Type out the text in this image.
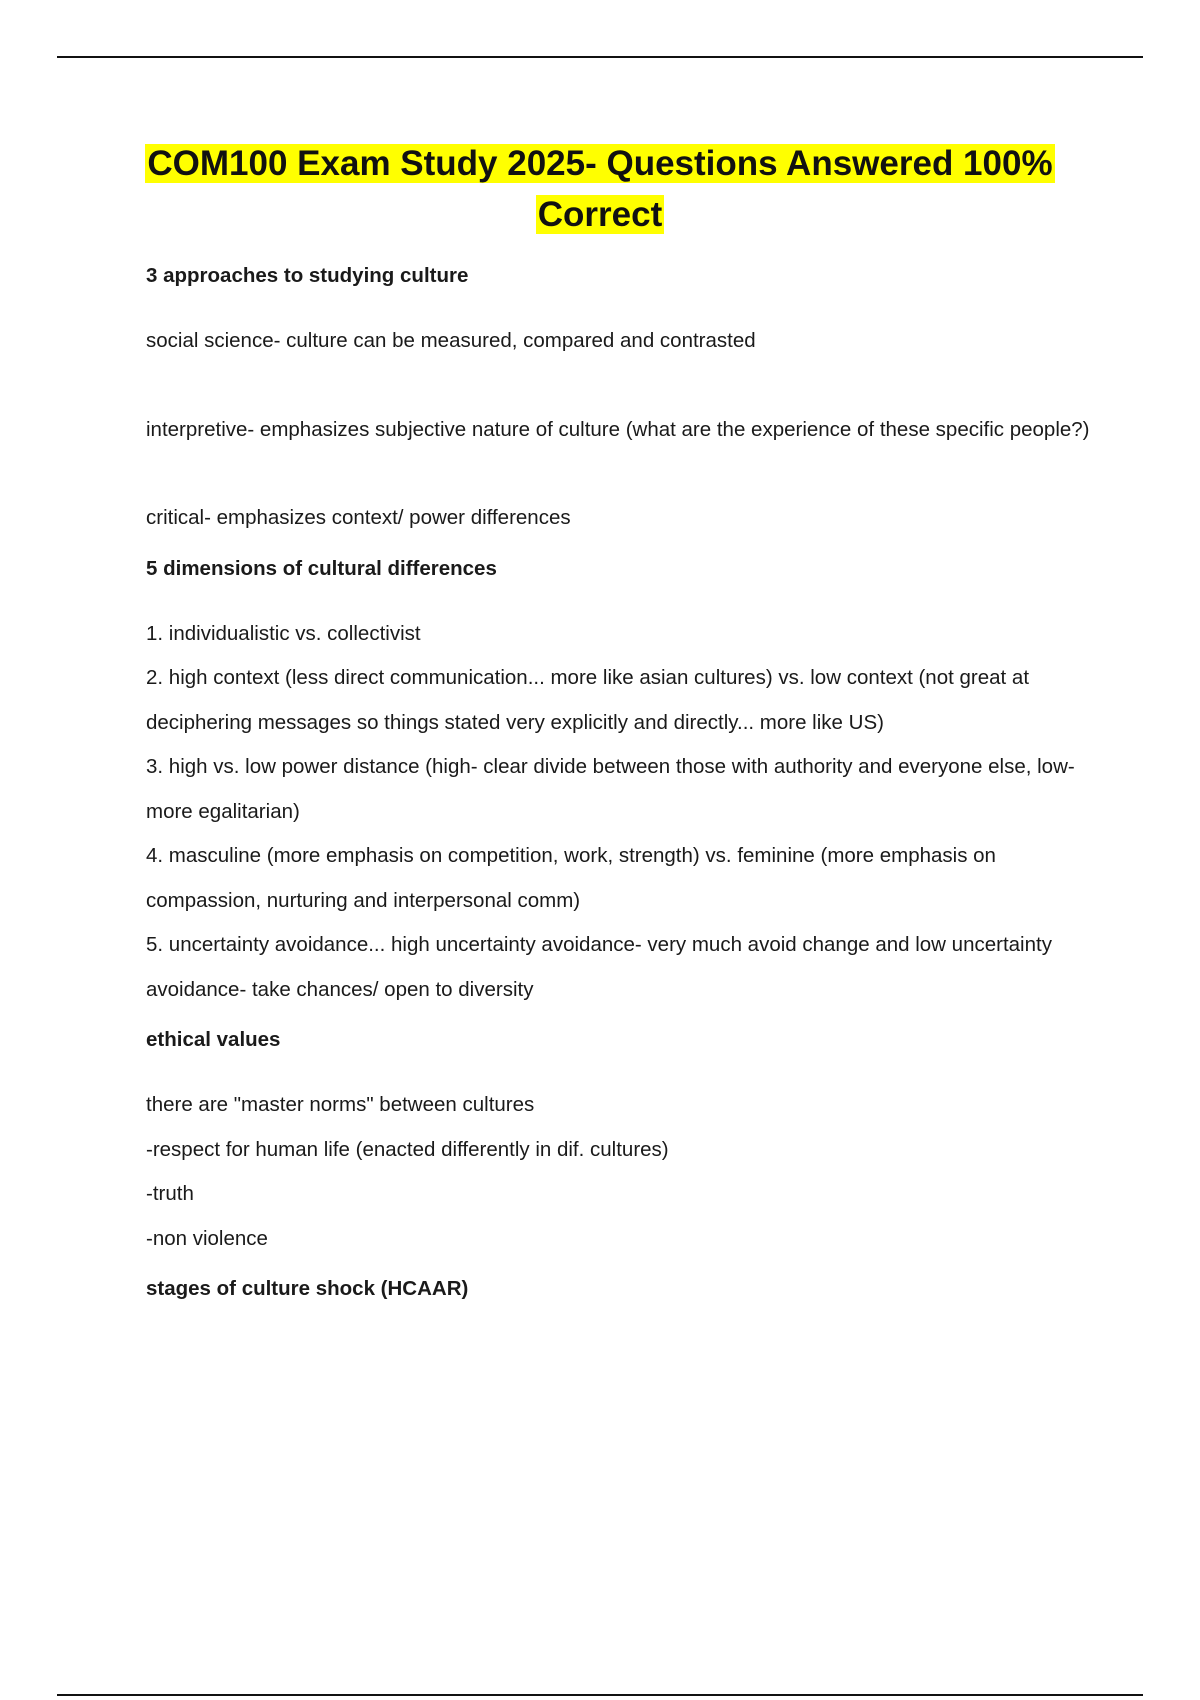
COM100 Exam Study 2025- Questions Answered 100% Correct
3 approaches to studying culture

social science- culture can be measured, compared and contrasted

interpretive- emphasizes subjective nature of culture (what are the experience of these specific people?)

critical- emphasizes context/ power differences

5 dimensions of cultural differences

1. individualistic vs. collectivist

2. high context (less direct communication... more like asian cultures) vs. low context (not great at deciphering messages so things stated very explicitly and directly... more like US)

3. high vs. low power distance (high- clear divide between those with authority and everyone else, low- more egalitarian)

4. masculine (more emphasis on competition, work, strength) vs. feminine (more emphasis on compassion, nurturing and interpersonal comm)

5. uncertainty avoidance... high uncertainty avoidance- very much avoid change and low uncertainty avoidance- take chances/ open to diversity

ethical values

there are "master norms" between cultures

-respect for human life (enacted differently in dif. cultures)

-truth

-non violence

stages of culture shock (HCAAR)
